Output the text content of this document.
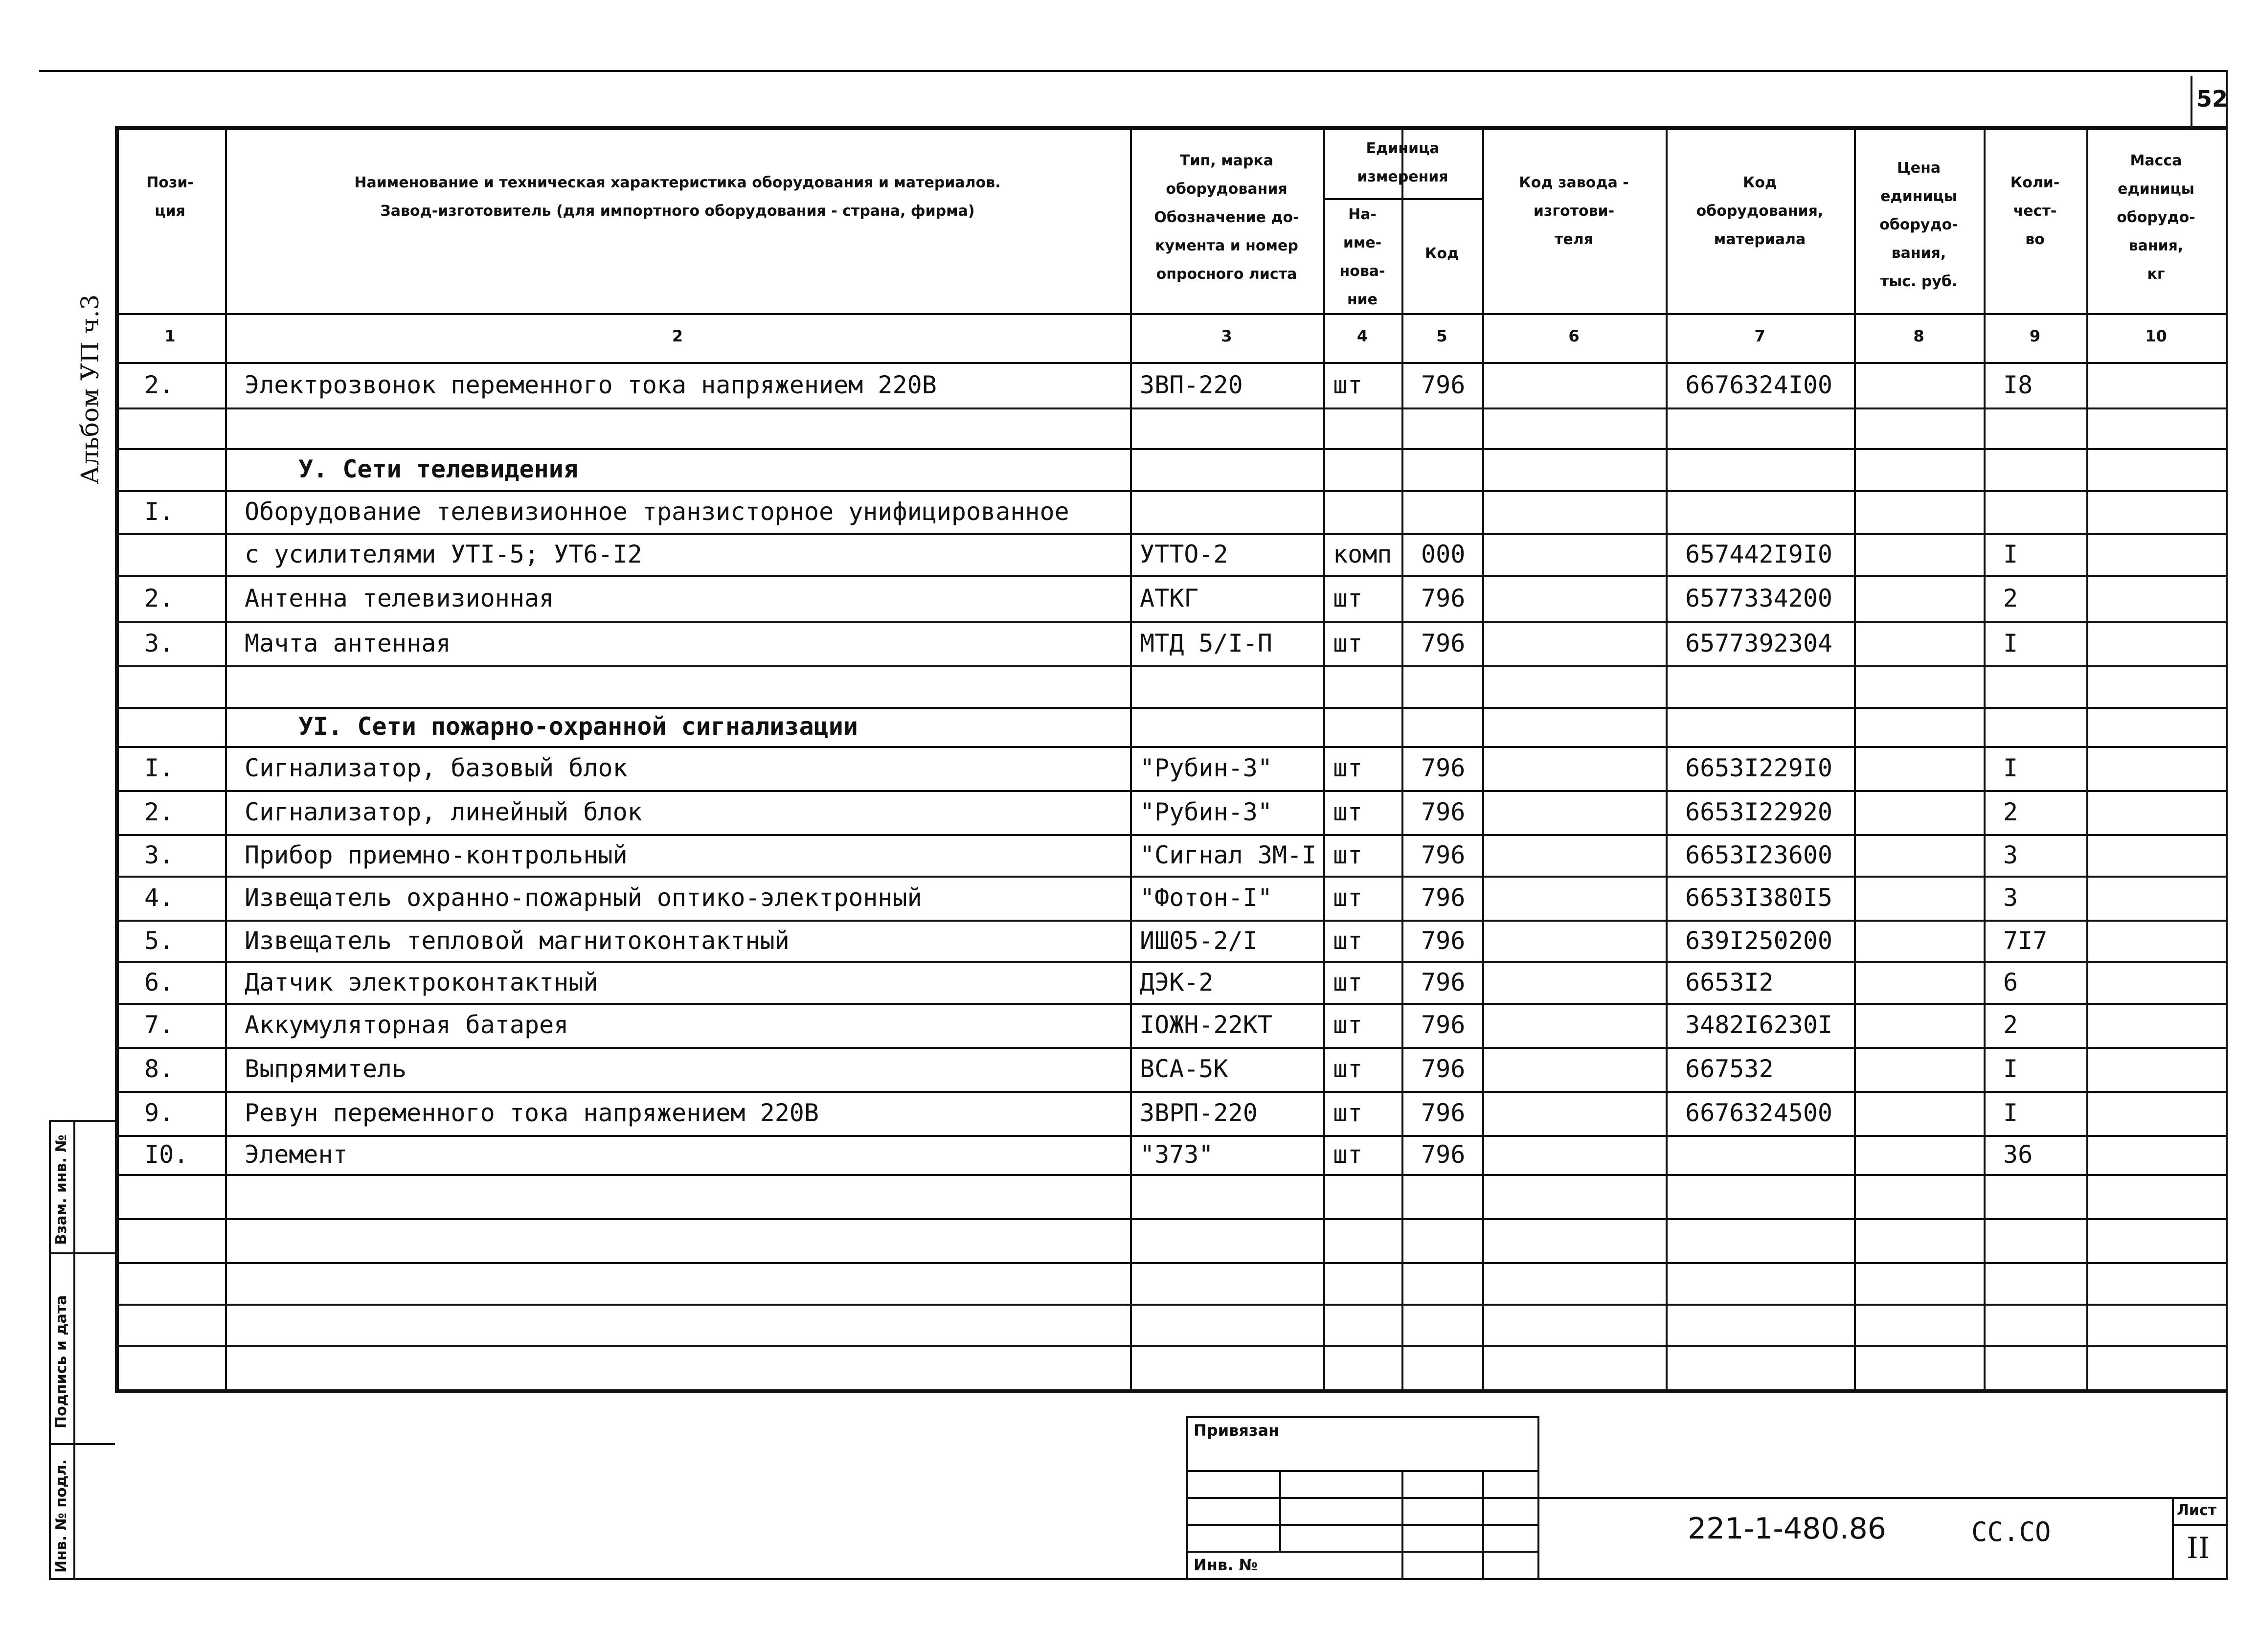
52
Альбом УП ч.3
Пози-
ция
Наименование и техническая характеристика оборудования и материалов.
Завод-изготовитель (для импортного оборудования - страна, фирма)
Тип, марка
оборудования
Обозначение до-
кумента и номер
опросного листа
Единица
измерения
На-
име-
нова-
ние
Код
Код завода -
изготови-
теля
Код
оборудования,
материала
Цена
единицы
оборудо-
вания,
тыс. руб.
Коли-
чест-
во
Масса
единицы
оборудо-
вания,
кг
1	2	3	4	5	6	7	8	9	10
2.	Электрозвонок переменного тока напряжением 220В	ЗВП-220	шт 796	6676324I00	I8
У. Сети телевидения
I.	Оборудование телевизионное транзисторное унифицированное
с усилителями УТI-5; УТ6-I2	УТТО-2	комп 000	657442I9I0	I
2.	Антенна телевизионная	АТКГ	шт 796	6577334200	2
3.	Мачта антенная	МТД 5/I-П шт 796	6577392304	I
УI. Сети пожарно-охранной сигнализации
I.	Сигнализатор, базовый блок	"Рубин-3" шт 796	6653I229I0	I
2.	Сигнализатор, линейный блок	"Рубин-3" шт 796	6653I22920	2
3.	Прибор приемно-контрольный	"Сигнал 3М-I шт 796	6653I23600	3
4.	Извещатель охранно-пожарный оптико-электронный	"Фотон-I" шт 796	6653I380I5	3
5.	Извещатель тепловой магнитоконтактный	ИШ05-2/I	шт 796	639I250200	7I7
6.	Датчик электроконтактный	ДЭК-2	шт 796	6653I2	6
7.	Аккумуляторная батарея	IОЖН-22КТ шт 796	3482I6230I	2
8.	Выпрямитель	ВСА-5К	шт 796	667532	I
9.	Ревун переменного тока напряжением 220В	ЗВРП-220	шт 796	6676324500	I
I0. Элемент	"373"	шт 796	36
Взам. инв. №
Подпись и дата
Инв. № подл.
Привязан
Инв. №
221-1-480.86	СС.СО
Лист
II
